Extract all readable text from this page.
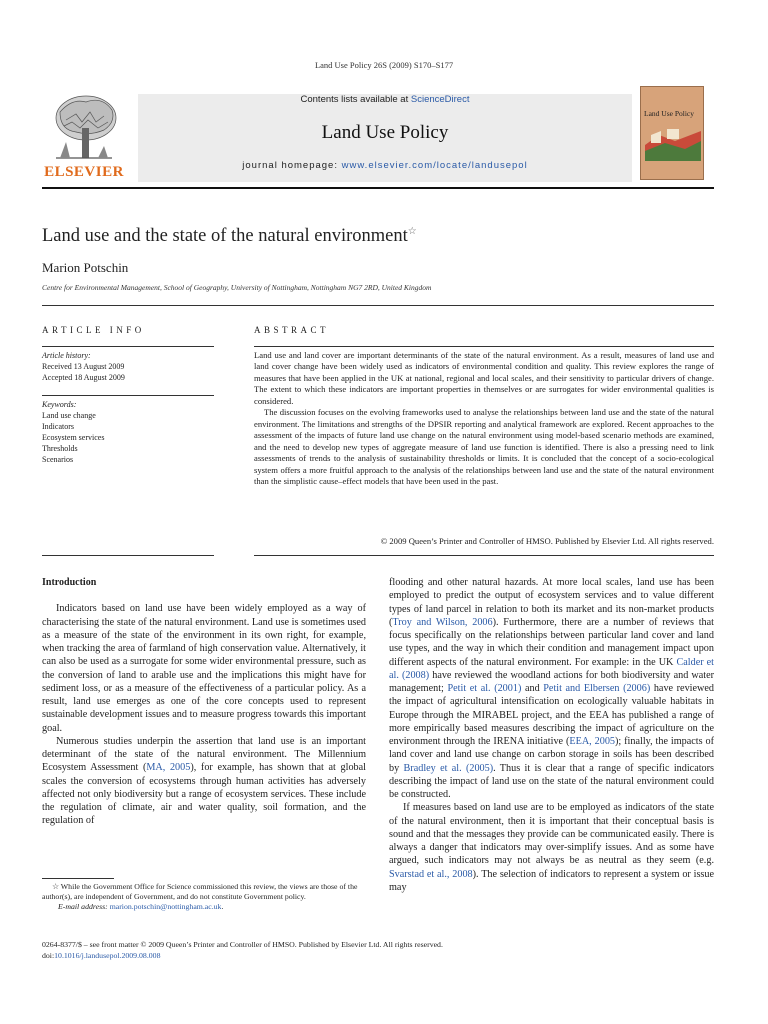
Land Use Policy 26S (2009) S170–S177
ELSEVIER
Contents lists available at ScienceDirect
Land Use Policy
journal homepage: www.elsevier.com/locate/landusepol
Land Use Policy
Land use and the state of the natural environment☆
Marion Potschin
Centre for Environmental Management, School of Geography, University of Nottingham, Nottingham NG7 2RD, United Kingdom
ARTICLE INFO	ABSTRACT
Article history:
Received 13 August 2009
Accepted 18 August 2009
Keywords:
Land use change
Indicators
Ecosystem services
Thresholds
Scenarios

Land use and land cover are important determinants of the state of the natural environment. As a result, measures of land use and land cover change have been widely used as indicators of environmental condition and quality. This review explores the range of measures that have been applied in the UK at national, regional and local scales, and their sensitivity to particular drivers of change. The extent to which these indicators are important properties in themselves or are surrogates for wider environmental qualities is considered.

The discussion focuses on the evolving frameworks used to analyse the relationships between land use and the state of the natural environment. The limitations and strengths of the DPSIR reporting and analytical framework are explored. Recent approaches to the assessment of the impacts of future land use change on the natural environment using model-based scenario methods are examined, and the need to develop new types of aggregate measure of land use function is identified. There is also a pressing need to link assessments of trends to the analysis of sustainability thresholds or limits. It is concluded that the concept of a socio-ecological system offers a more fruitful approach to the analysis of the relationships between land use and the state of the natural environment than the simplistic cause–effect models that have been used in the past.

© 2009 Queen’s Printer and Controller of HMSO. Published by Elsevier Ltd. All rights reserved.

Introduction

Indicators based on land use have been widely employed as a way of characterising the state of the natural environment. Land use is sometimes used as a measure of the state of the environment in its own right, for example, when tracking the area of farmland of high conservation value. Alternatively, it can also be used as a surrogate for some wider environmental pressure, such as the conversion of land to arable use and the implications this might have for sediment loss, or as a measure of the effectiveness of a particular policy. As a result, land use emerges as one of the core concepts used to represent sustainable development issues and to measure progress towards this important goal.

Numerous studies underpin the assertion that land use is an important determinant of the state of the natural environment. The Millennium Ecosystem Assessment (MA, 2005), for example, has shown that at global scales the conversion of ecosystems through human activities has adversely affected not only biodiversity but a range of ecosystem services. These include the regulation of climate, air and water quality, soil formation, and the regulation of

flooding and other natural hazards. At more local scales, land use has been employed to predict the output of ecosystem services and to value different types of land parcel in relation to both its market and its non-market products (Troy and Wilson, 2006). Furthermore, there are a number of reviews that focus specifically on the relationships between particular land cover and land use types, and the way in which their condition and management impact upon different aspects of the natural environment. For example: in the UK Calder et al. (2008) have reviewed the woodland actions for both biodiversity and water management; Petit et al. (2001) and Petit and Elbersen (2006) have reviewed the impact of agricultural intensification on ecologically valuable habitats in Europe through the MIRABEL project, and the EEA has published a range of more empirically based measures describing the impact of agriculture on the environment through the IRENA initiative (EEA, 2005); finally, the impacts of land cover and land use change on carbon storage in soils has been described by Bradley et al. (2005). Thus it is clear that a range of specific indicators describing the impact of land use on the state of the natural environment could be constructed.

If measures based on land use are to be employed as indicators of the state of the natural environment, then it is important that their conceptual basis is sound and that the messages they provide can be communicated easily. There is always a danger that indicators may over-simplify issues. And as some have argued, such indicators may not always be as neutral as they seem (e.g. Svarstad et al., 2008). The selection of indicators to represent a system or issue may

☆ While the Government Office for Science commissioned this review, the views are those of the author(s), are independent of Government, and do not constitute Government policy.
E-mail address: marion.potschin@nottingham.ac.uk.
0264-8377/$ – see front matter © 2009 Queen’s Printer and Controller of HMSO. Published by Elsevier Ltd. All rights reserved.
doi:10.1016/j.landusepol.2009.08.008
